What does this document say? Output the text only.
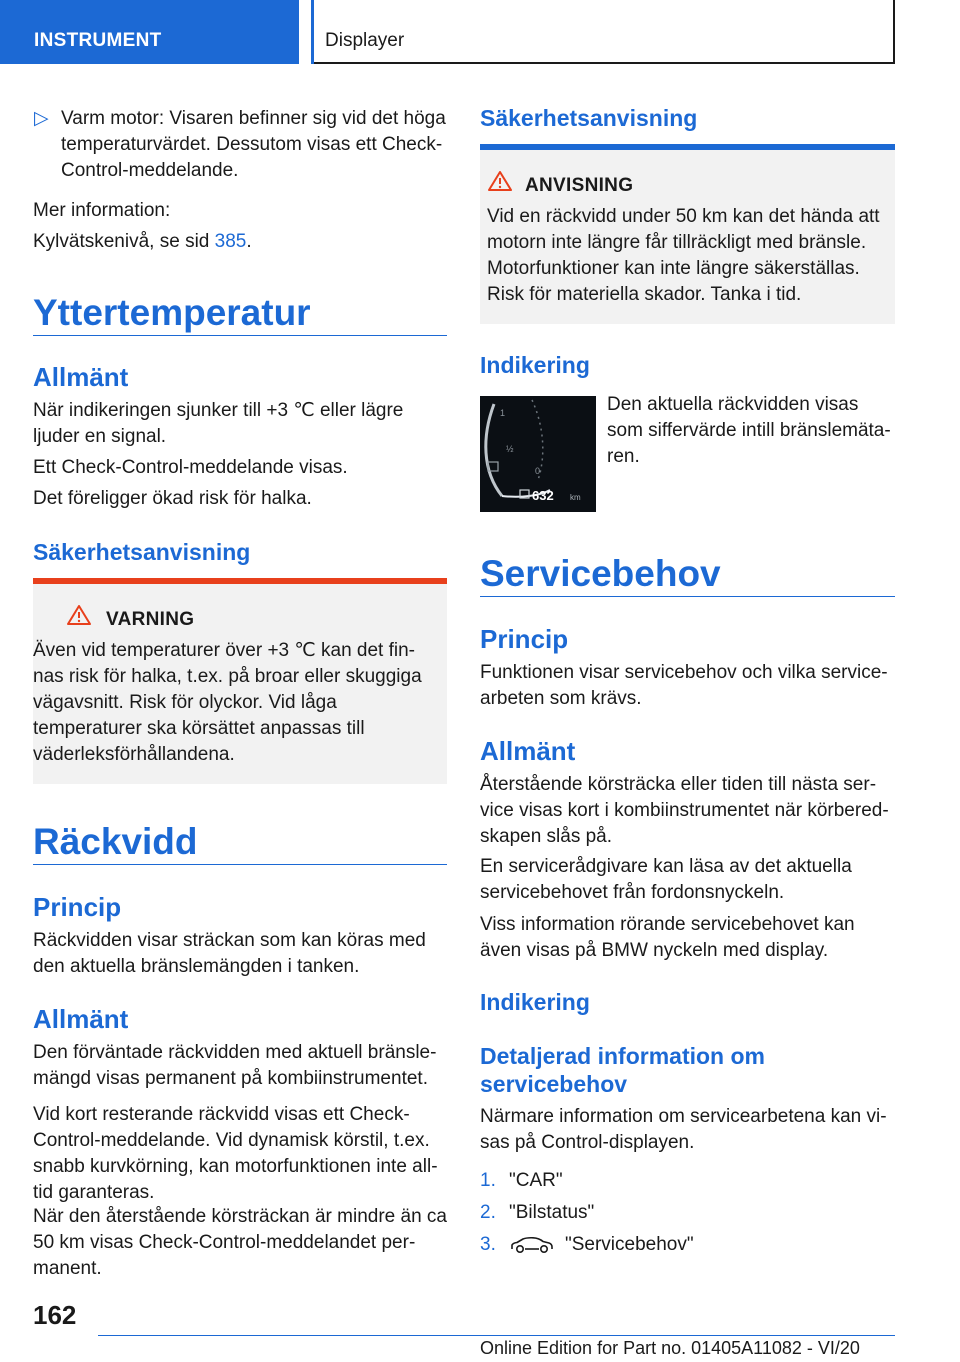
INSTRUMENT	Displayer
▷ Varm motor: Visaren befinner sig vid det höga temperaturvärdet. Dessutom visas ett Check-Control-meddelande.
Mer information:
Kylvätskenivå, se sid 385.
Yttertemperatur
Allmänt
När indikeringen sjunker till +3 ℃ eller lägre ljuder en signal.
Ett Check-Control-meddelande visas.
Det föreligger ökad risk för halka.
Säkerhetsanvisning
VARNING
Även vid temperaturer över +3 ℃ kan det finnas risk för halka, t.ex. på broar eller skuggiga vägavsnitt. Risk för olyckor. Vid låga temperaturer ska körsättet anpassas till väderleksförhållandena.
Räckvidd
Princip
Räckvidden visar sträckan som kan köras med den aktuella bränslemängden i tanken.
Allmänt
Den förväntade räckvidden med aktuell bränslemängd visas permanent på kombiinstrumentet.
Vid kort resterande räckvidd visas ett Check-Control-meddelande. Vid dynamisk körstil, t.ex. snabb kurvkörning, kan motorfunktionen inte alltid garanteras.
När den återstående körsträckan är mindre än ca 50 km visas Check-Control-meddelandet permanent.
Säkerhetsanvisning
ANVISNING
Vid en räckvidd under 50 km kan det hända att motorn inte längre får tillräckligt med bränsle. Motorfunktioner kan inte längre säkerställas. Risk för materiella skador. Tanka i tid.
Indikering
1
½
0
632 km
Den aktuella räckvidden visas som siffervärde intill bränslemätaren.
Servicebehov
Princip
Funktionen visar servicebehov och vilka servicearbeten som krävs.
Allmänt
Återstående körsträcka eller tiden till nästa service visas kort i kombiinstrumentet när körberedskapen slås på.
En servicerådgivare kan läsa av det aktuella servicebehovet från fordonsnyckeln.
Viss information rörande servicebehovet kan även visas på BMW nyckeln med display.
Indikering
Detaljerad information om servicebehov
Närmare information om servicearbetena kan visas på Control-displayen.
1. "CAR"
2. "Bilstatus"
3.	"Servicebehov"
162
Online Edition for Part no. 01405A11082 - VI/20
